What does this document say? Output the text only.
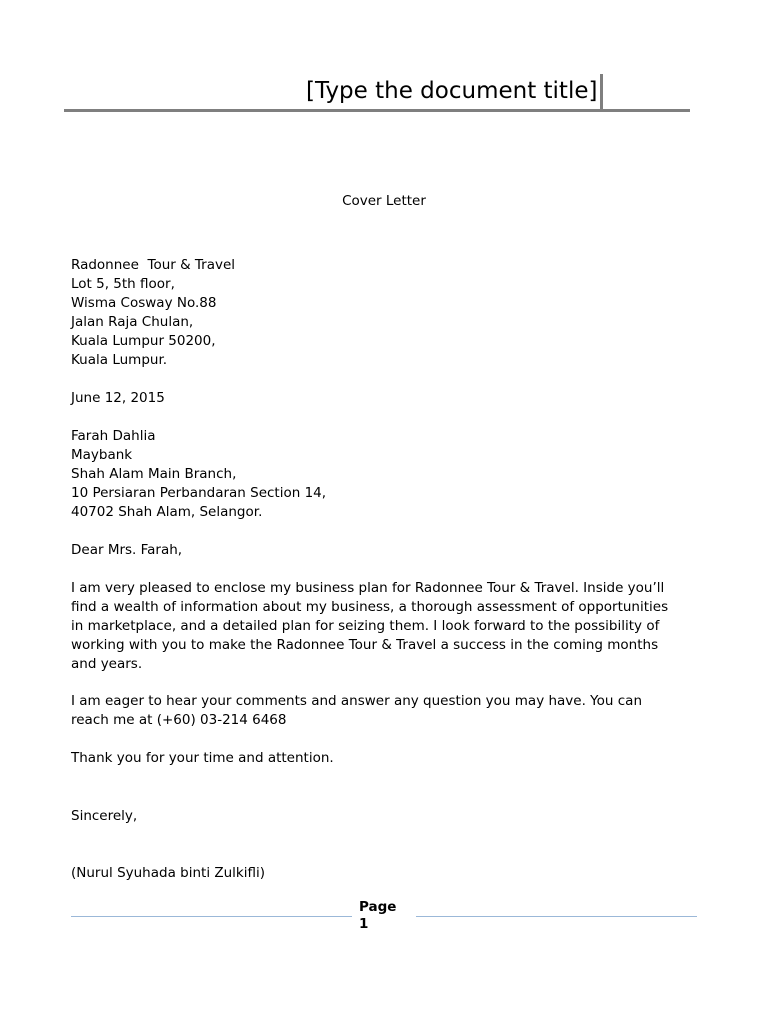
[Type the document title]
Cover Letter
Radonnee  Tour & Travel
Lot 5, 5th floor,
Wisma Cosway No.88
Jalan Raja Chulan,
Kuala Lumpur 50200,
Kuala Lumpur.
June 12, 2015
Farah Dahlia
Maybank
Shah Alam Main Branch,
10 Persiaran Perbandaran Section 14,
40702 Shah Alam, Selangor.
Dear Mrs. Farah,
I am very pleased to enclose my business plan for Radonnee Tour & Travel. Inside you’ll
find a wealth of information about my business, a thorough assessment of opportunities
in marketplace, and a detailed plan for seizing them. I look forward to the possibility of
working with you to make the Radonnee Tour & Travel a success in the coming months
and years.
I am eager to hear your comments and answer any question you may have. You can
reach me at (+60) 03-214 6468
Thank you for your time and attention.
Sincerely,
(Nurul Syuhada binti Zulkifli)
Page
1
